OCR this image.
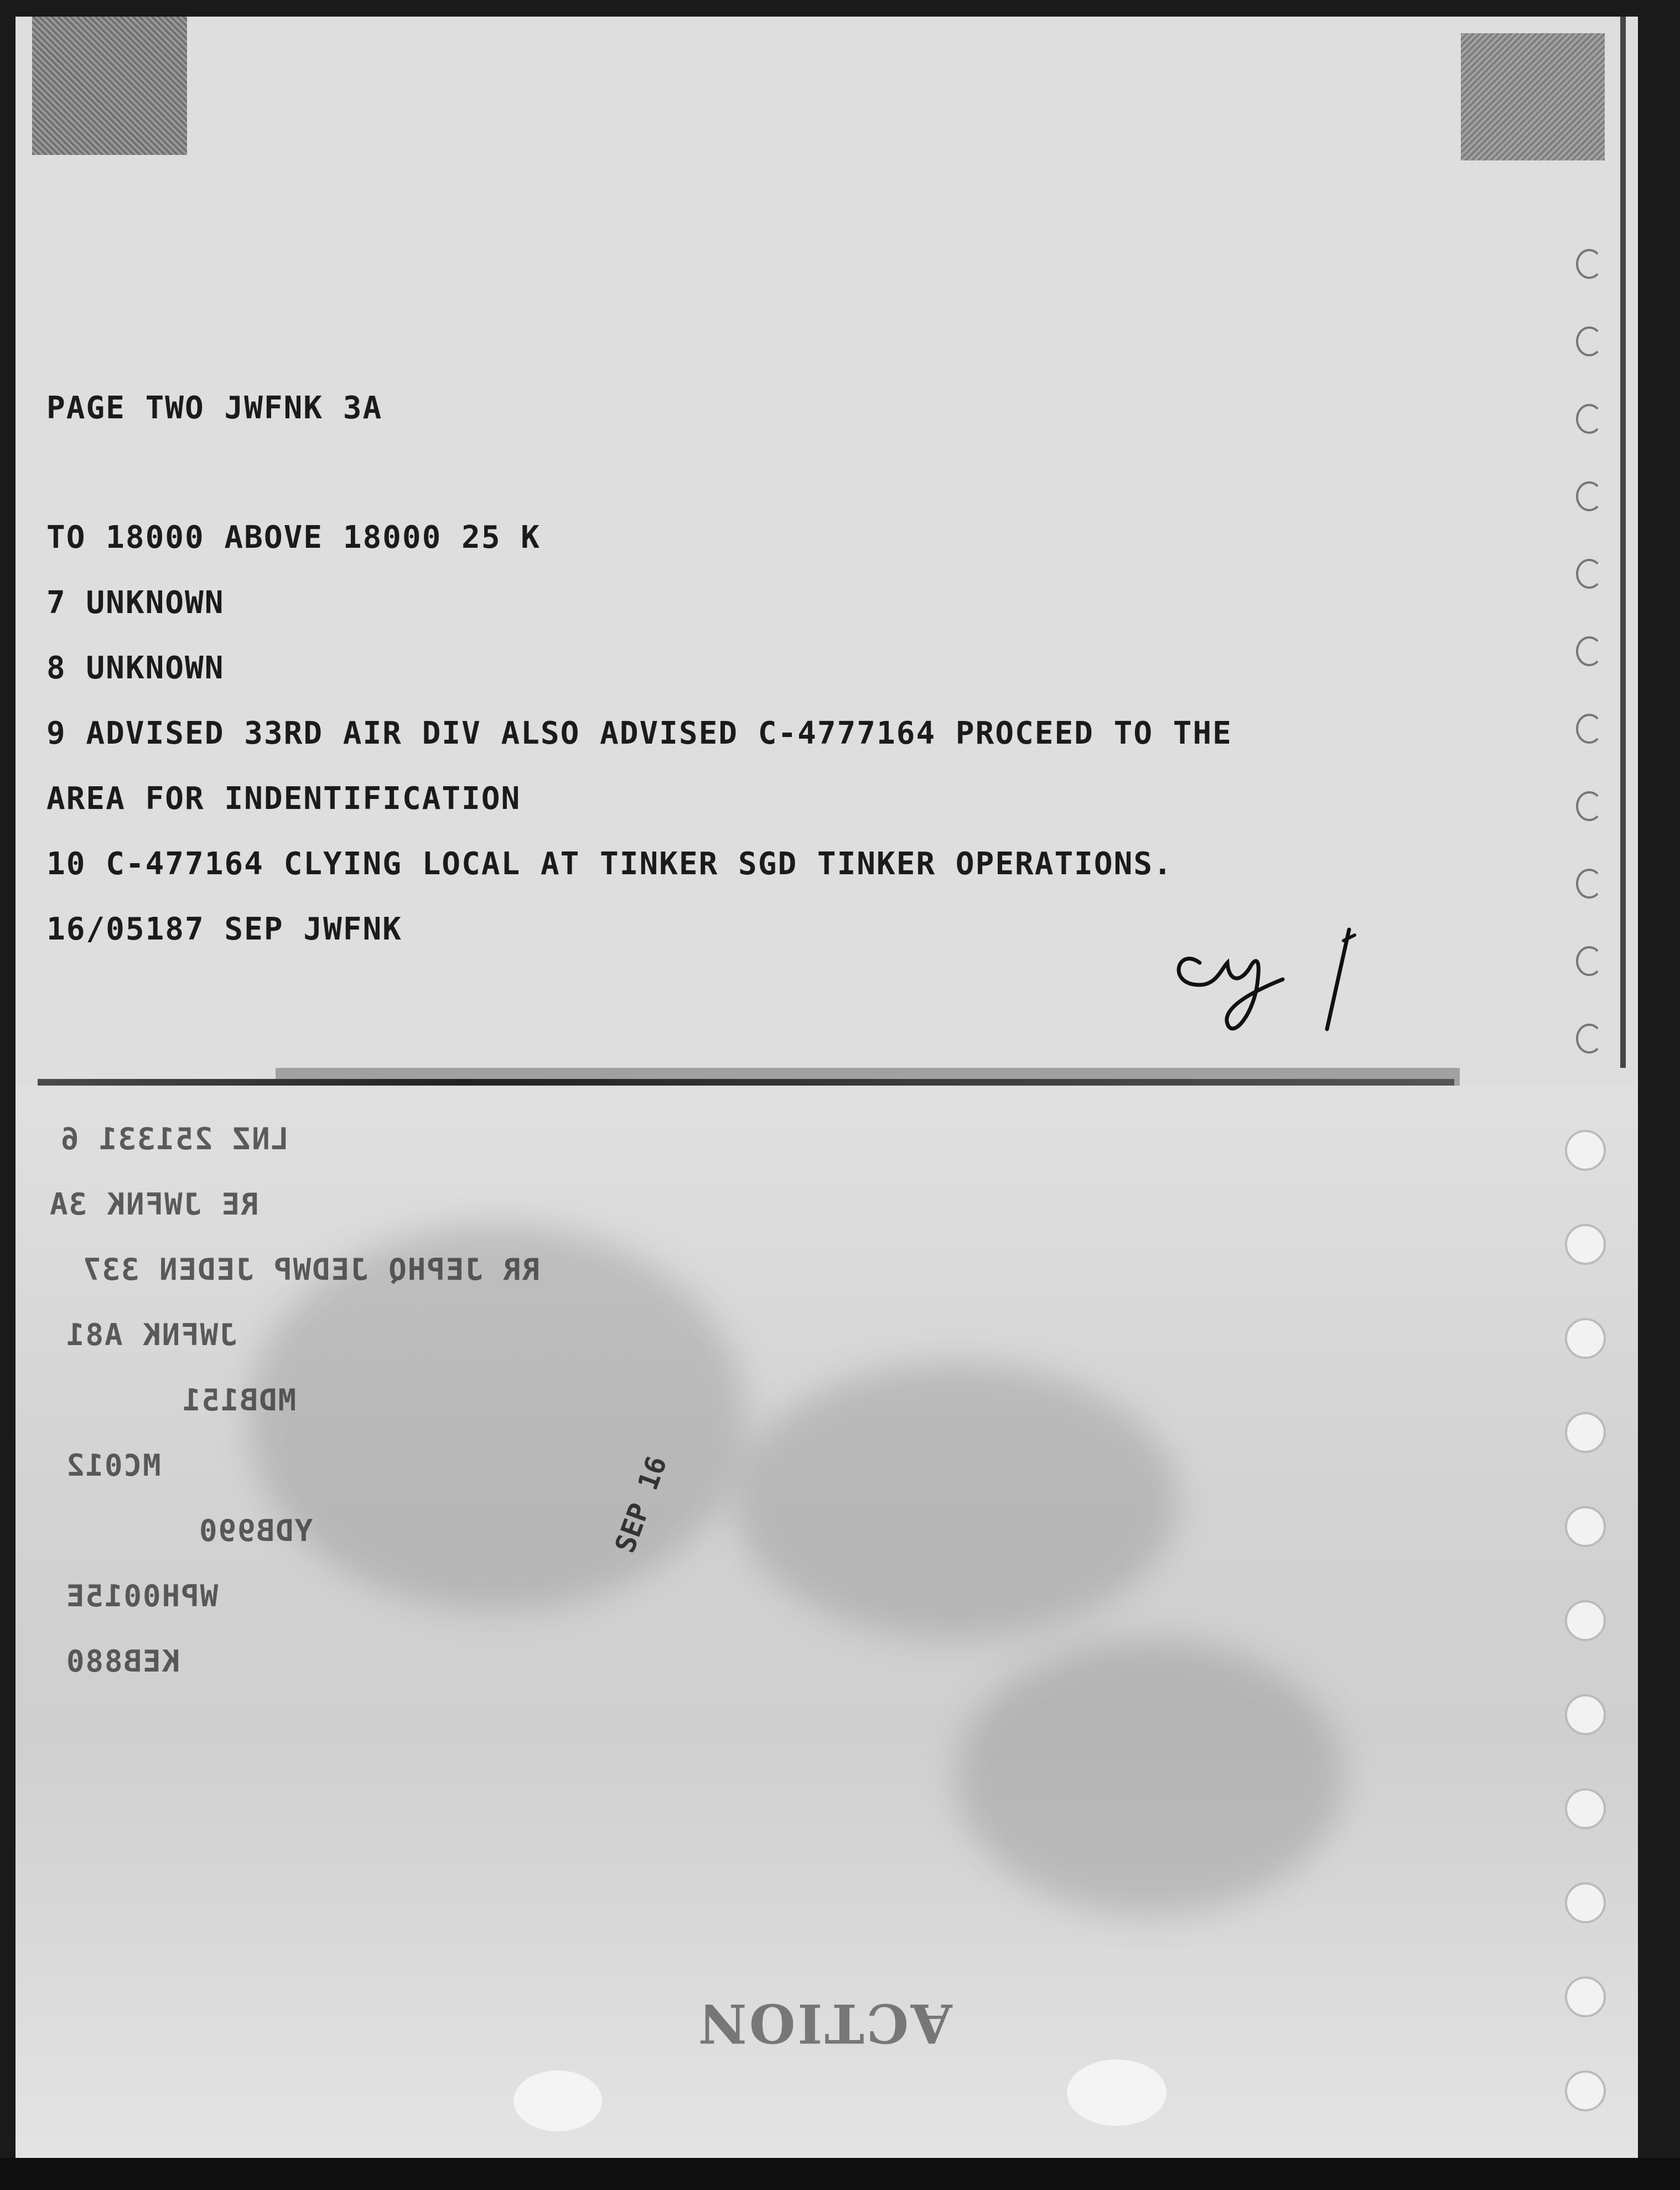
PAGE TWO JWFNK 3A
TO 18000 ABOVE 18000 25 K
7 UNKNOWN
8 UNKNOWN
9 ADVISED 33RD AIR DIV ALSO ADVISED C-4777164 PROCEED TO THE
AREA FOR INDENTIFICATION
10 C-477164 CLYING LOCAL AT TINKER SGD TINKER OPERATIONS.
16/05187 SEP JWFNK
LNZ 251331 6
RE JWFNK 3A
RR JEPHQ JEDWP JEDEN 337
JWFNK A81
MDB151
MC012
YDB990
WPH0015E
KEB880
SEP 16
ACTION
